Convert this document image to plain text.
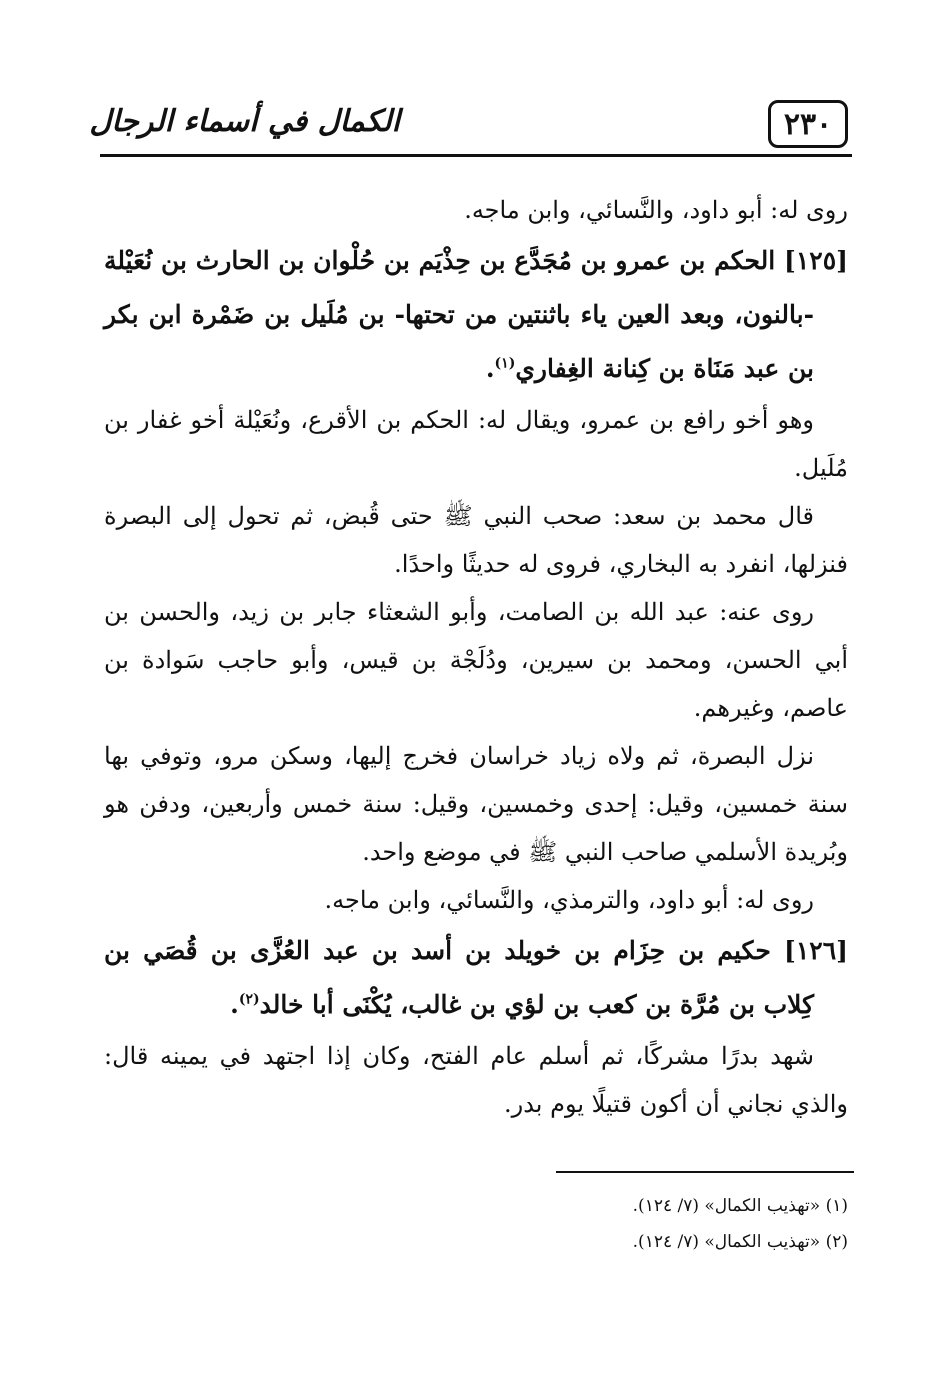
٢٣٠
الكمال في أسماء الرجال

روى له: أبو داود، والنَّسائي، وابن ماجه.

[١٢٥] الحكم بن عمرو بن مُجَدَّع بن حِذْيَم بن حُلْوان بن الحارث بن نُعَيْلة -بالنون، وبعد العين ياء باثنتين من تحتها- بن مُلَيل بن ضَمْرة ابن بكر بن عبد مَنَاة بن كِنانة الغِفاري$^{(١)}$.

وهو أخو رافع بن عمرو، ويقال له: الحكم بن الأقرع، ونُعَيْلة أخو غفار بن مُلَيل.

قال محمد بن سعد: صحب النبي ﷺ حتى قُبض، ثم تحول إلى البصرة فنزلها، انفرد به البخاري، فروى له حديثًا واحدًا.

روى عنه: عبد الله بن الصامت، وأبو الشعثاء جابر بن زيد، والحسن بن أبي الحسن، ومحمد بن سيرين، ودُلَجْة بن قيس، وأبو حاجب سَوادة بن عاصم، وغيرهم.

نزل البصرة، ثم ولاه زياد خراسان فخرج إليها، وسكن مرو، وتوفي بها سنة خمسين، وقيل: إحدى وخمسين، وقيل: سنة خمس وأربعين، ودفن هو وبُريدة الأسلمي صاحب النبي ﷺ في موضع واحد.

روى له: أبو داود، والترمذي، والنَّسائي، وابن ماجه.

[١٢٦] حكيم بن حِزَام بن خويلد بن أسد بن عبد العُزَّى بن قُصَي بن كِلاب بن مُرَّة بن كعب بن لؤي بن غالب، يُكْنَى أبا خالد$^{(٢)}$.

شهد بدرًا مشركًا، ثم أسلم عام الفتح، وكان إذا اجتهد في يمينه قال: والذي نجاني أن أكون قتيلًا يوم بدر.

(١) «تهذيب الكمال» (٧/ ١٢٤).

(٢) «تهذيب الكمال» (٧/ ١٢٤).
